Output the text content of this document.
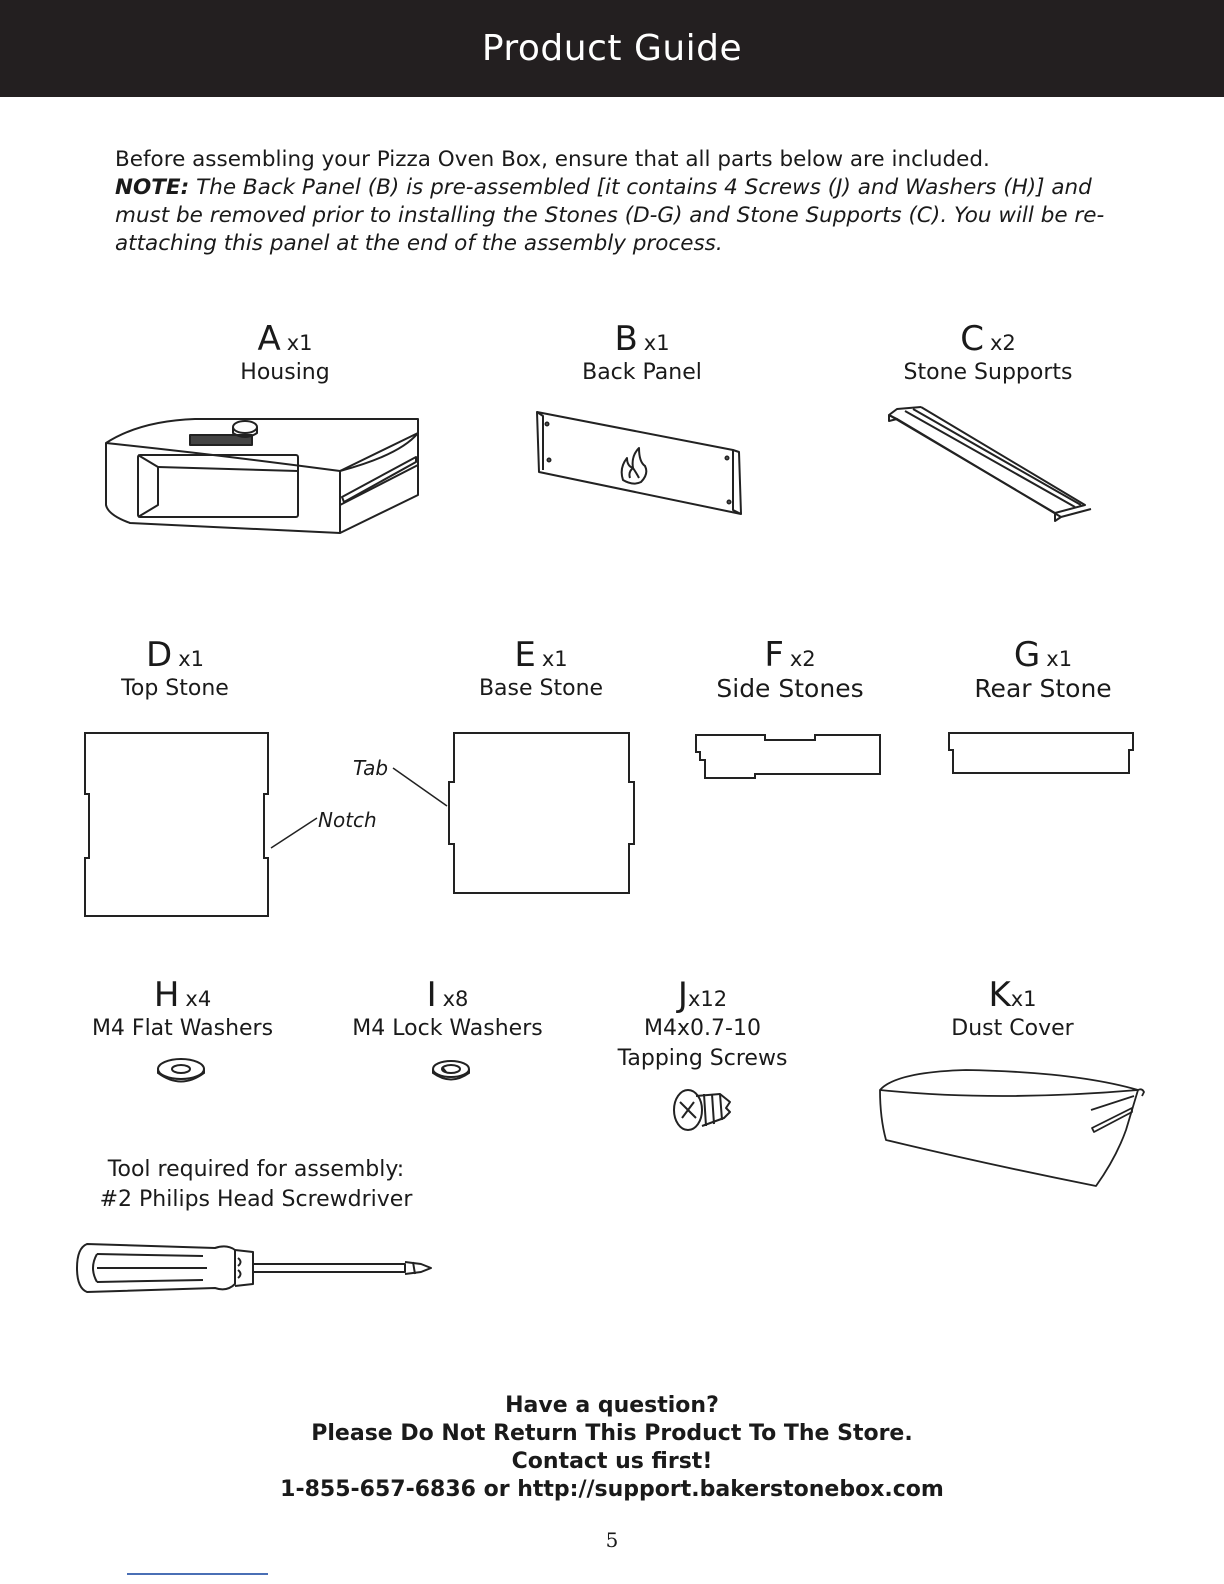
Product Guide
Before assembling your Pizza Oven Box, ensure that all parts below are included.
NOTE: The Back Panel (B) is pre-assembled [it contains 4 Screws (J) and Washers (H)] and must be removed prior to installing the Stones (D-G) and Stone Supports (C). You will be re-attaching this panel at the end of the assembly process.
Ax1
Housing
Bx1
Back Panel
Cx2
Stone Supports
Dx1
Top Stone
Ex1
Base Stone
Fx2
Side Stones
Gx1
Rear Stone
Tab
Notch
Hx4
M4 Flat Washers
Ix8
M4 Lock Washers
Jx12
M4x0.7-10
Tapping Screws
Kx1
Dust Cover
Tool required for assembly:
#2 Philips Head Screwdriver
Have a question?
Please Do Not Return This Product To The Store.
Contact us first!
1-855-657-6836 or http://support.bakerstonebox.com
5
